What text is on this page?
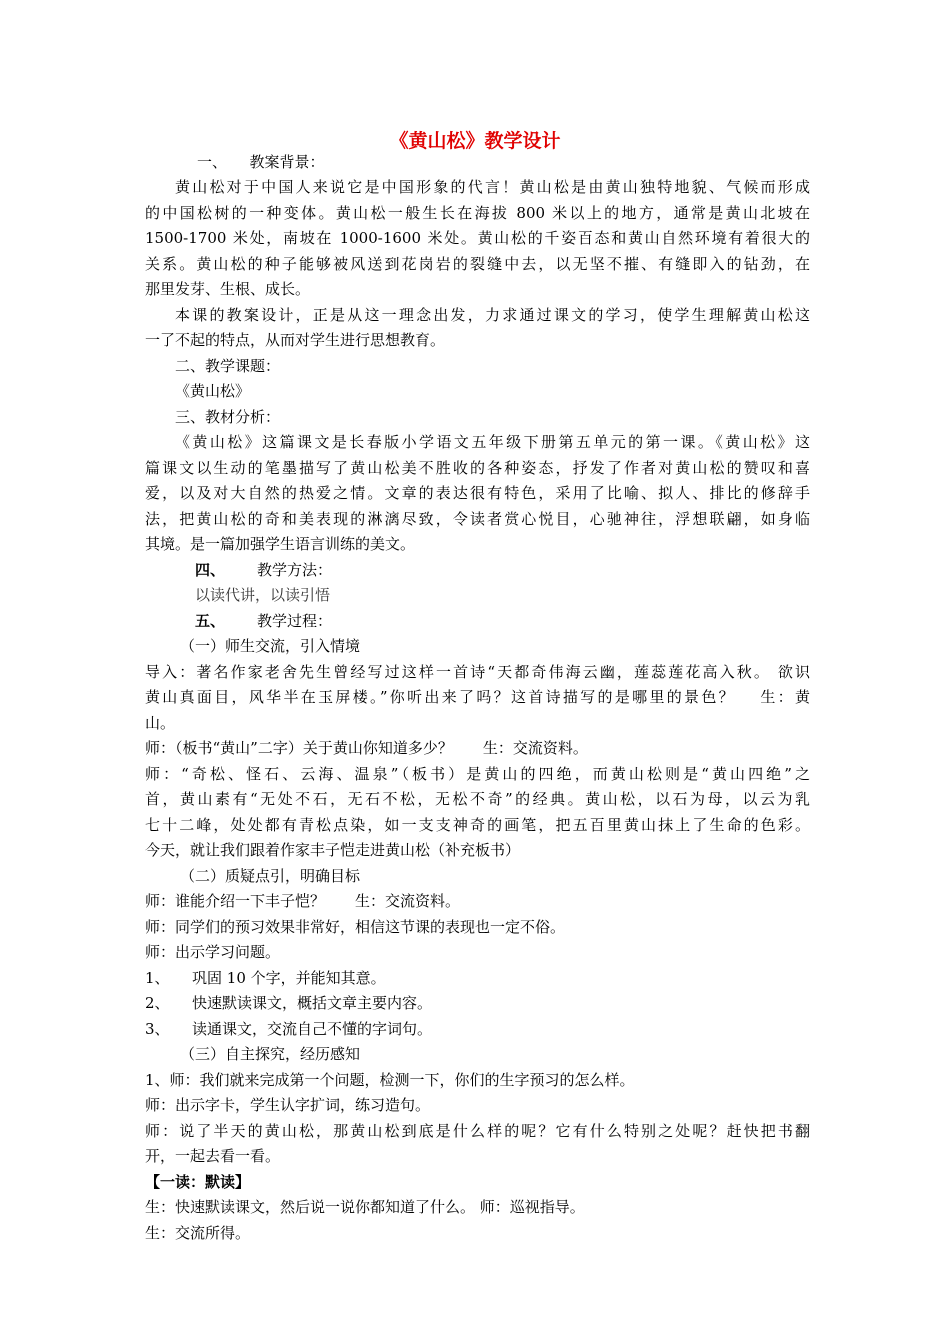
《黄山松》教学设计
一、　　教案背景：
黄山松对于中国人来说它是中国形象的代言！黄山松是由黄山独特地貌、气候而形成
的中国松树的一种变体。黄山松一般生长在海拔 800 米以上的地方，通常是黄山北坡在
1500-1700 米处，南坡在 1000-1600 米处。黄山松的千姿百态和黄山自然环境有着很大的
关系。黄山松的种子能够被风送到花岗岩的裂缝中去，以无坚不摧、有缝即入的钻劲，在
那里发芽、生根、成长。
本课的教案设计，正是从这一理念出发，力求通过课文的学习，使学生理解黄山松这
一了不起的特点，从而对学生进行思想教育。
二、教学课题：
《黄山松》
三、教材分析：
《黄山松》这篇课文是长春版小学语文五年级下册第五单元的第一课。《黄山松》这
篇课文以生动的笔墨描写了黄山松美不胜收的各种姿态，抒发了作者对黄山松的赞叹和喜
爱，以及对大自然的热爱之情。文章的表达很有特色，采用了比喻、拟人、排比的修辞手
法，把黄山松的奇和美表现的淋漓尽致，令读者赏心悦目，心驰神往，浮想联翩，如身临
其境。是一篇加强学生语言训练的美文。
四、	教学方法：
以读代讲，以读引悟
五、	教学过程：
（一）师生交流，引入情境
导入：著名作家老舍先生曾经写过这样一首诗“天都奇伟海云幽，莲蕊莲花高入秋。 欲识
黄山真面目，风华半在玉屏楼。”你听出来了吗？这首诗描写的是哪里的景色？　 生：黄
山。
师：（板书“黄山”二字）关于黄山你知道多少？　　生：交流资料。
师：“奇松、怪石、云海、温泉”（板书）是黄山的四绝，而黄山松则是“黄山四绝”之
首，黄山素有“无处不石，无石不松，无松不奇”的经典。黄山松，以石为母，以云为乳
七十二峰，处处都有青松点染，如一支支神奇的画笔，把五百里黄山抹上了生命的色彩。
今天，就让我们跟着作家丰子恺走进黄山松（补充板书）
（二）质疑点引，明确目标
师：谁能介绍一下丰子恺？　　生：交流资料。
师：同学们的预习效果非常好，相信这节课的表现也一定不俗。
师：出示学习问题。
1、　　巩固 10 个字，并能知其意。
2、　　快速默读课文，概括文章主要内容。
3、　　读通课文，交流自己不懂的字词句。
（三）自主探究，经历感知
1、师：我们就来完成第一个问题，检测一下，你们的生字预习的怎么样。
师：出示字卡，学生认字扩词，练习造句。
师：说了半天的黄山松，那黄山松到底是什么样的呢？它有什么特别之处呢？赶快把书翻
开，一起去看一看。
【一读：默读】
生：快速默读课文，然后说一说你都知道了什么。 师：巡视指导。
生：交流所得。
